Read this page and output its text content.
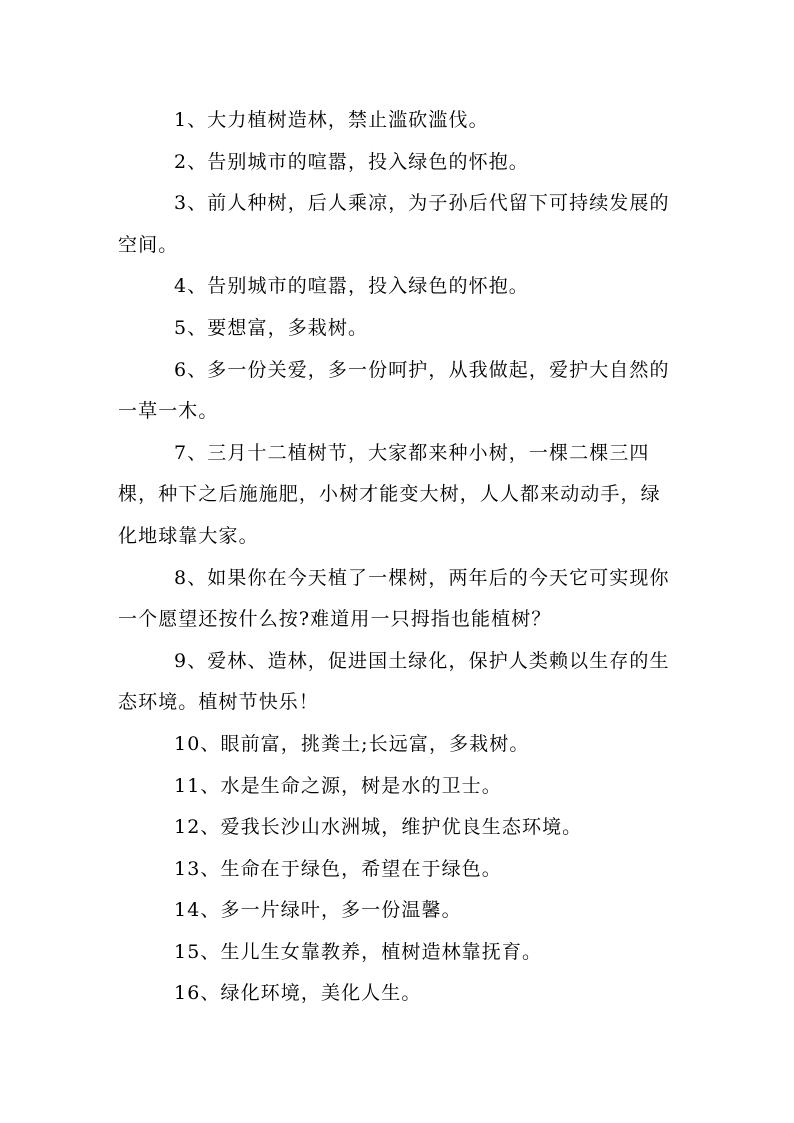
1、大力植树造林，禁止滥砍滥伐。

2、告别城市的喧嚣，投入绿色的怀抱。

3、前人种树，后人乘凉，为子孙后代留下可持续发展的空间。

4、告别城市的喧嚣，投入绿色的怀抱。

5、要想富，多栽树。

6、多一份关爱，多一份呵护，从我做起，爱护大自然的一草一木。

7、三月十二植树节，大家都来种小树，一棵二棵三四棵，种下之后施施肥，小树才能变大树，人人都来动动手，绿化地球靠大家。

8、如果你在今天植了一棵树，两年后的今天它可实现你一个愿望还按什么按?难道用一只拇指也能植树？

9、爱林、造林，促进国土绿化，保护人类赖以生存的生态环境。植树节快乐！

10、眼前富，挑粪土;长远富，多栽树。

11、水是生命之源，树是水的卫士。

12、爱我长沙山水洲城，维护优良生态环境。

13、生命在于绿色，希望在于绿色。

14、多一片绿叶，多一份温馨。

15、生儿生女靠教养，植树造林靠抚育。

16、绿化环境，美化人生。
